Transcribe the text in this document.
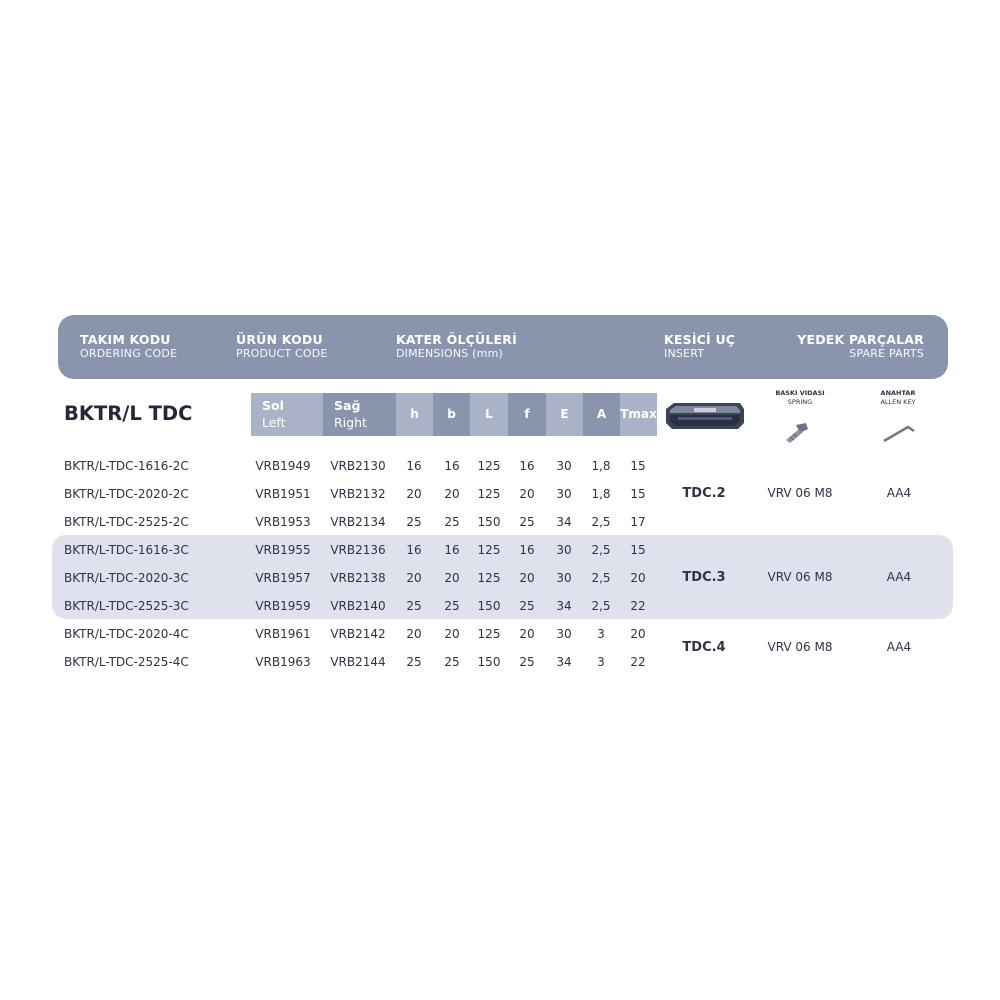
TAKIM KODU
ORDERING CODE
ÜRÜN KODU
PRODUCT CODE
KATER ÖLÇÜLERİ
DIMENSIONS (mm)
KESİCİ UÇ
INSERT
YEDEK PARÇALAR
SPARE PARTS
BKTR/L TDC	Sol
Left
Sağ
Right
h	b	L	f	E	A	Tmax
BASKI VIDASI
SPRING
ANAHTAR
ALLEN KEY
BKTR/L-TDC-1616-2C	VRB1949 VRB2130	16	16	125	16	30	1,8	15
BKTR/L-TDC-2020-2C	VRB1951 VRB2132	20	20	125	20	30	1,8	15
BKTR/L-TDC-2525-2C	VRB1953 VRB2134	25	25	150	25	34	2,5	17
BKTR/L-TDC-1616-3C	VRB1955 VRB2136	16	16	125	16	30	2,5	15
BKTR/L-TDC-2020-3C	VRB1957 VRB2138	20	20	125	20	30	2,5	20
BKTR/L-TDC-2525-3C	VRB1959 VRB2140	25	25	150	25	34	2,5	22
BKTR/L-TDC-2020-4C	VRB1961 VRB2142	20	20	125	20	30	3	20
BKTR/L-TDC-2525-4C	VRB1963 VRB2144	25	25	150	25	34	3	22
TDC.2	VRV 06 M8	AA4
TDC.3	VRV 06 M8	AA4
TDC.4	VRV 06 M8	AA4
